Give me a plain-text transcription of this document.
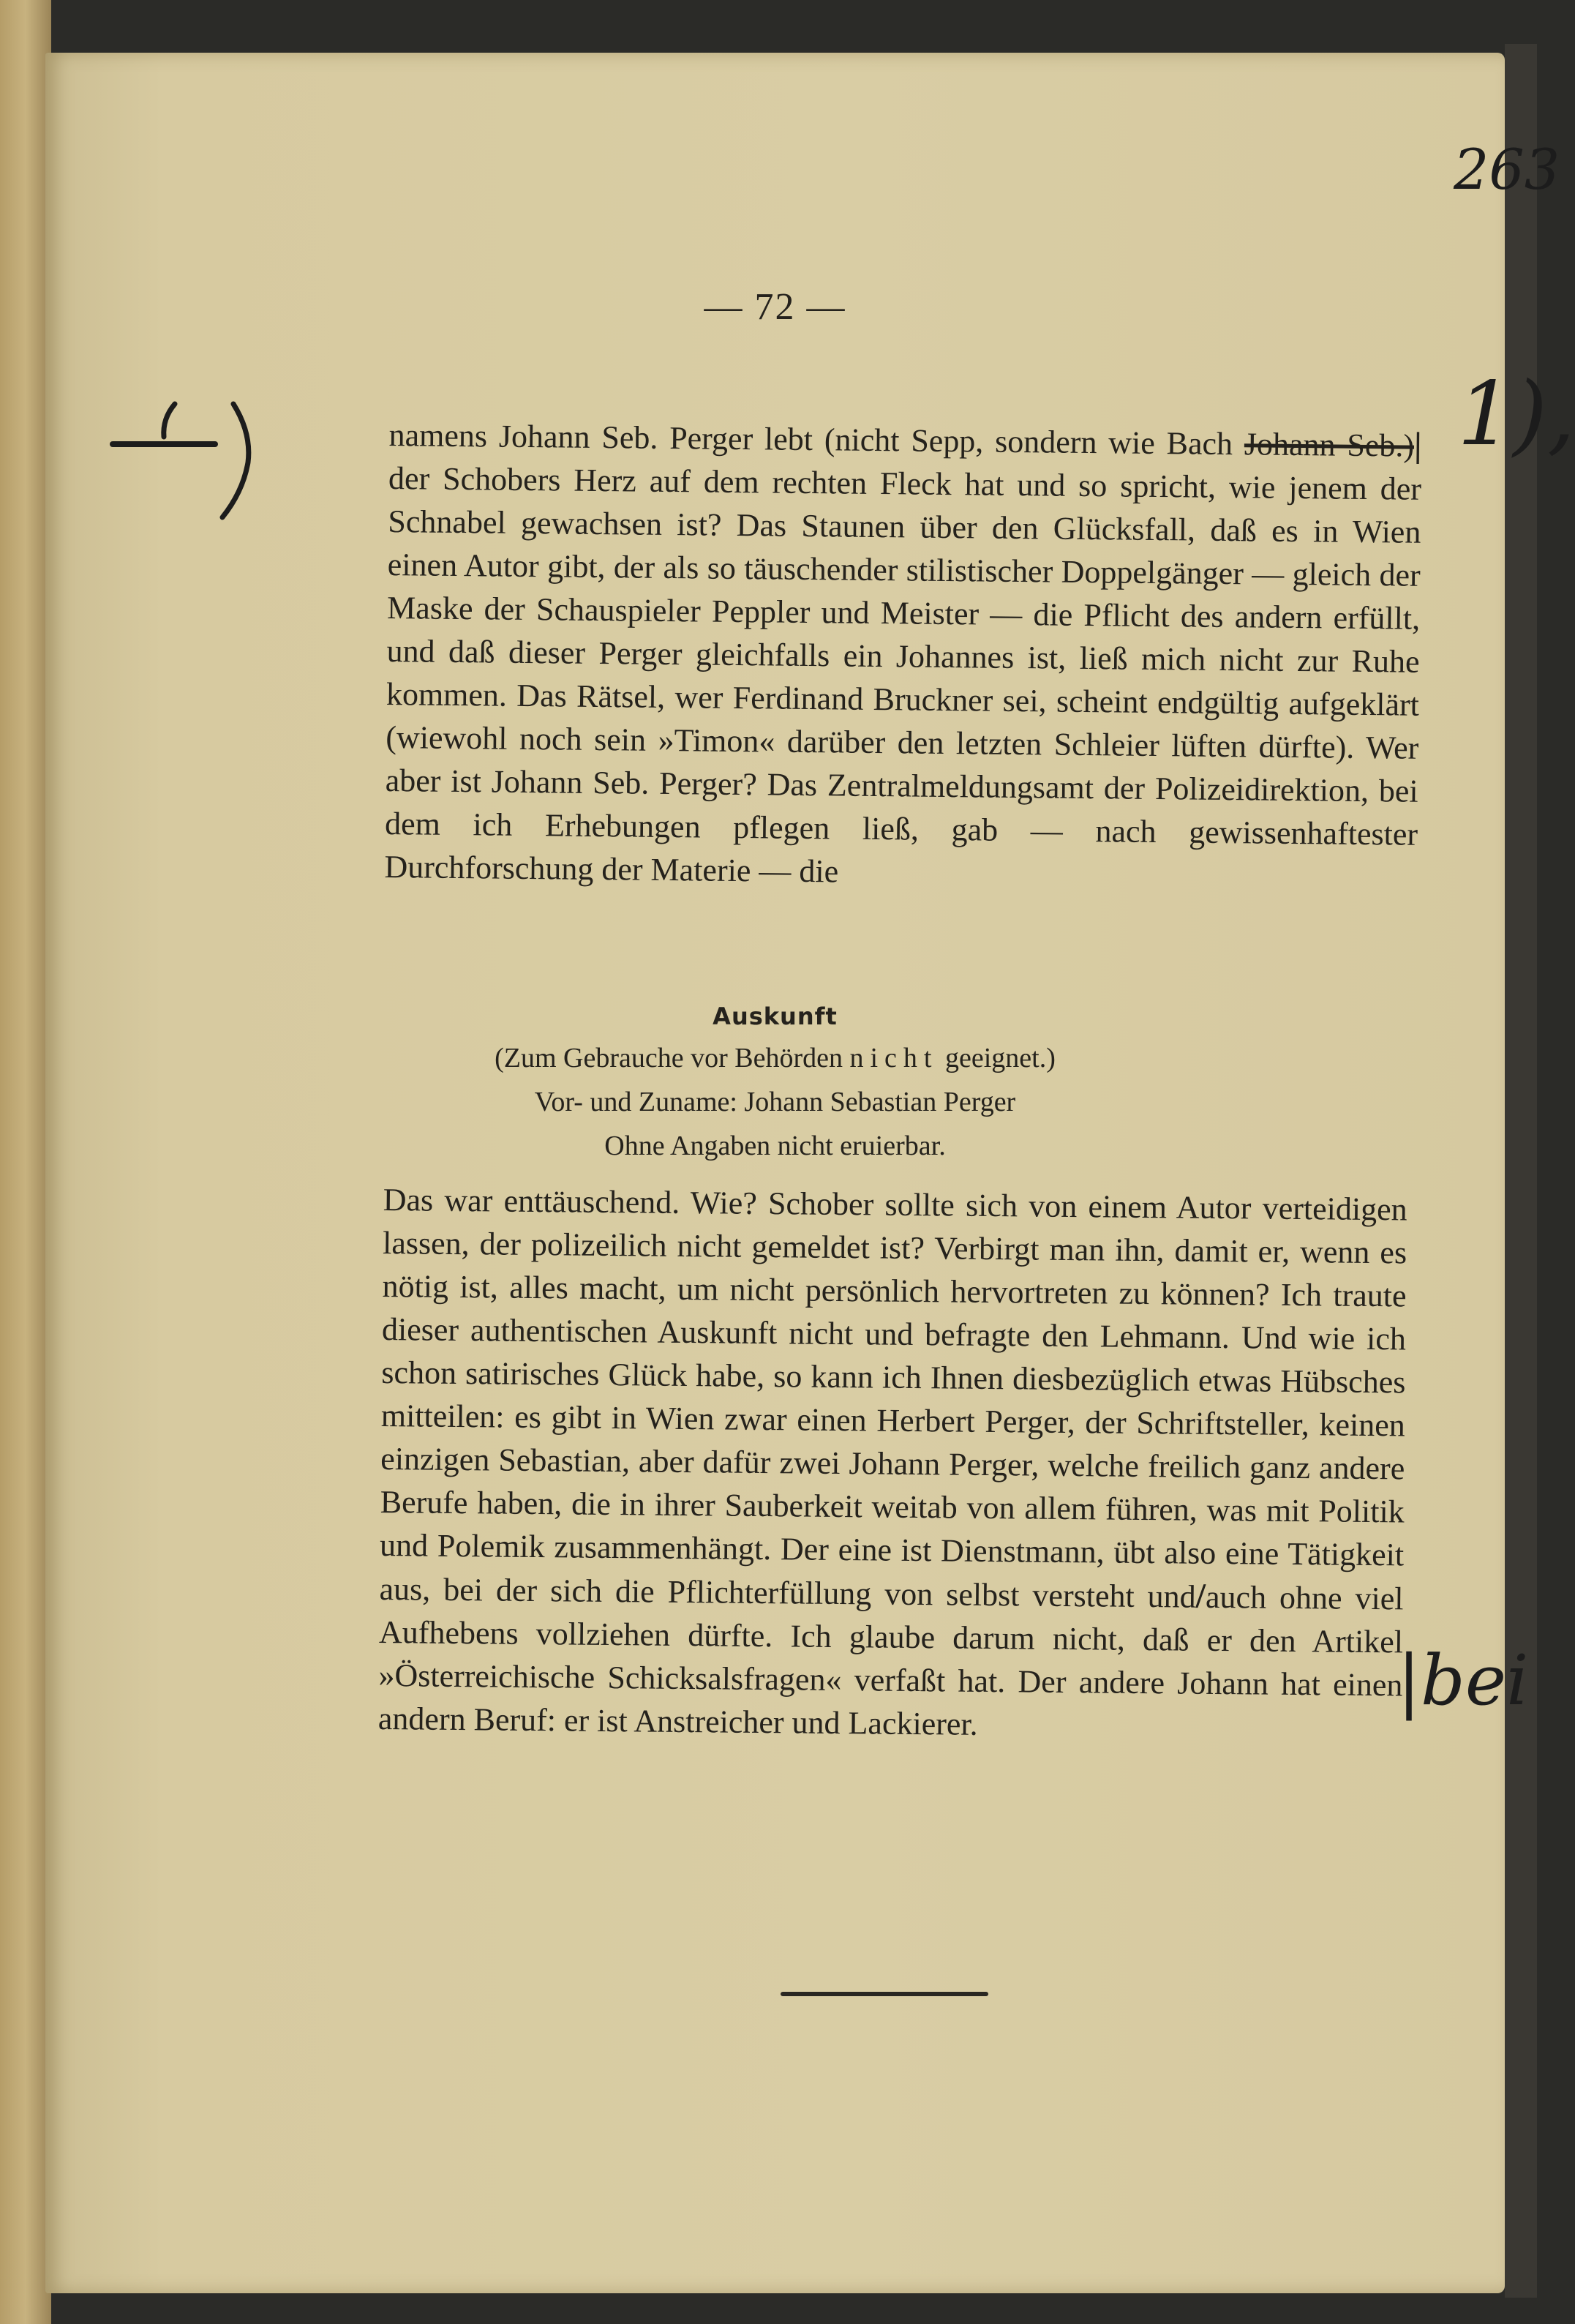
263
— 72 —
1),
|bei
namens Johann Seb. Perger lebt (nicht Sepp, sondern wie Bach Johann Seb.)| der Schobers Herz auf dem rechten Fleck hat und so spricht, wie jenem der Schnabel gewachsen ist? Das Staunen über den Glücksfall, daß es in Wien einen Autor gibt, der als so täuschender stilistischer Doppelgänger — gleich der Maske der Schauspieler Peppler und Meister — die Pflicht des andern erfüllt, und daß dieser Perger gleichfalls ein Johannes ist, ließ mich nicht zur Ruhe kommen. Das Rätsel, wer Ferdinand Bruckner sei, scheint endgültig aufgeklärt (wiewohl noch sein »Timon« darüber den letzten Schleier lüften dürfte). Wer aber ist Johann Seb. Perger? Das Zentralmeldungsamt der Polizeidirektion, bei dem ich Erhebungen pflegen ließ, gab — nach gewissenhaftester Durchforschung der Materie — die
Auskunft
(Zum Gebrauche vor Behörden nicht geeignet.)
Vor- und Zuname: Johann Sebastian Perger
Ohne Angaben nicht eruierbar.
Das war enttäuschend. Wie? Schober sollte sich von einem Autor verteidigen lassen, der polizeilich nicht gemeldet ist? Verbirgt man ihn, damit er, wenn es nötig ist, alles macht, um nicht persönlich hervortreten zu können? Ich traute dieser authentischen Auskunft nicht und befragte den Lehmann. Und wie ich schon satirisches Glück habe, so kann ich Ihnen diesbezüglich etwas Hübsches mitteilen: es gibt in Wien zwar einen Herbert Perger, der Schriftsteller, keinen einzigen Sebastian, aber dafür zwei Johann Perger, welche freilich ganz andere Berufe haben, die in ihrer Sauberkeit weitab von allem führen, was mit Politik und Polemik zusammenhängt. Der eine ist Dienstmann, übt also eine Tätigkeit aus, bei der sich die Pflichterfüllung von selbst versteht und/auch ohne viel Aufhebens vollziehen dürfte. Ich glaube darum nicht, daß er den Artikel »Österreichische Schicksalsfragen« verfaßt hat. Der andere Johann hat einen andern Beruf: er ist Anstreicher und Lackierer.
